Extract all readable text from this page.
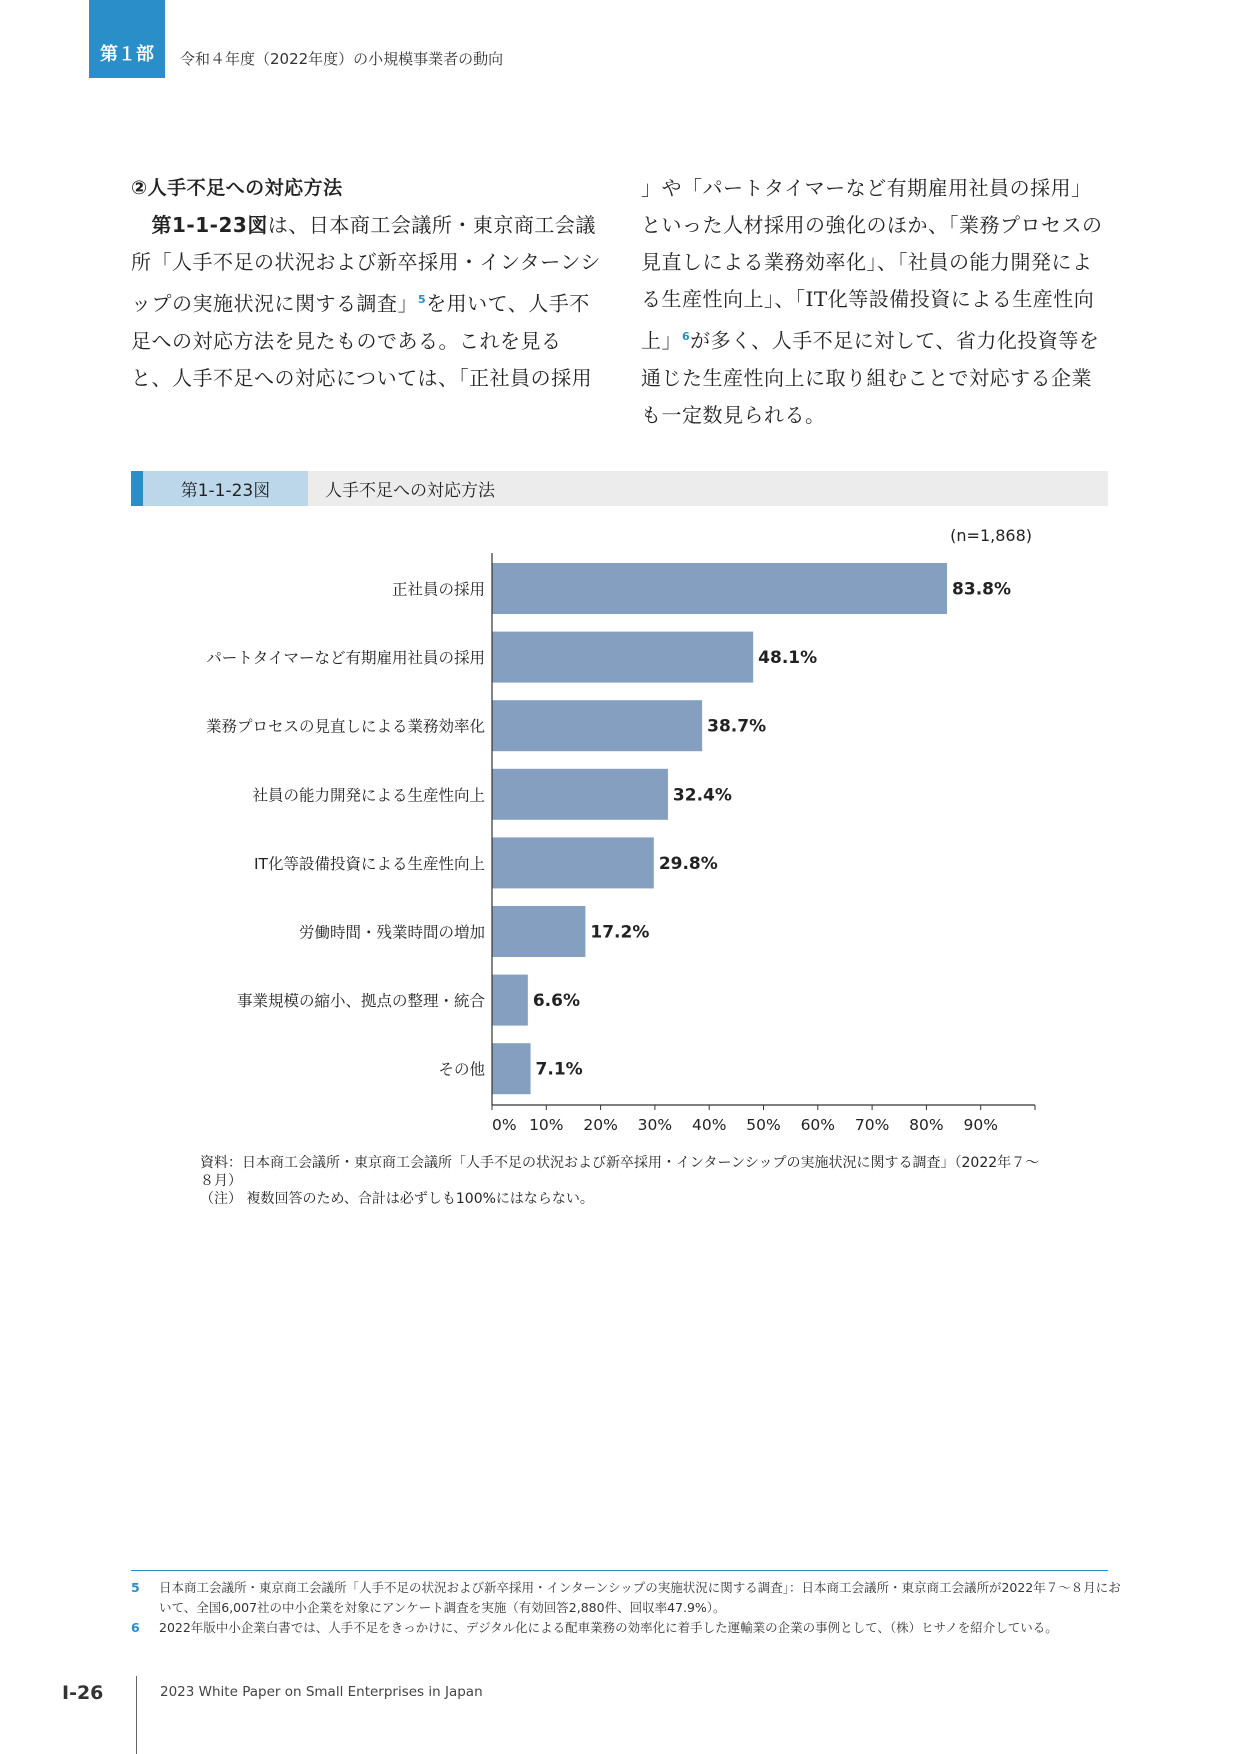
第１部 令和４年度（2022年度）の小規模事業者の動向
②人手不足への対応方法
　第1-1-23図は、日本商工会議所・東京商工会議所「人手不足の状況および新卒採用・インターンシップの実施状況に関する調査」$^5$を用いて、人手不足への対応方法を見たものである。これを見ると、人手不足への対応については、「正社員の採用
」や「パートタイマーなど有期雇用社員の採用」といった人材採用の強化のほか、「業務プロセスの見直しによる業務効率化」、「社員の能力開発による生産性向上」、「IT化等設備投資による生産性向上」$^6$が多く、人手不足に対して、省力化投資等を通じた生産性向上に取り組むことで対応する企業も一定数見られる。
第1-1-23図	人手不足への対応方法
(n=1,868)
正社員の採用	83.8%
パートタイマーなど有期雇用社員の採用	48.1%
業務プロセスの見直しによる業務効率化	38.7%
社員の能力開発による生産性向上	32.4%
IT化等設備投資による生産性向上	29.8%
労働時間・残業時間の増加	17.2%
事業規模の縮小、拠点の整理・統合	6.6%
その他	7.1%
0% 10% 20% 30% 40% 50% 60% 70% 80% 90%
資料：日本商工会議所・東京商工会議所「人手不足の状況および新卒採用・インターンシップの実施状況に関する調査」（2022年７～８月）
（注） 複数回答のため、合計は必ずしも100%にはならない。
5	日本商工会議所・東京商工会議所「人手不足の状況および新卒採用・インターンシップの実施状況に関する調査」：日本商工会議所・東京商工会議所が2022年７～８月において、全国6,007社の中小企業を対象にアンケート調査を実施（有効回答2,880件、回収率47.9%）。
6	2022年版中小企業白書では、人手不足をきっかけに、デジタル化による配車業務の効率化に着手した運輸業の企業の事例として、（株）ヒサノを紹介している。
I-26	2023 White Paper on Small Enterprises in Japan
